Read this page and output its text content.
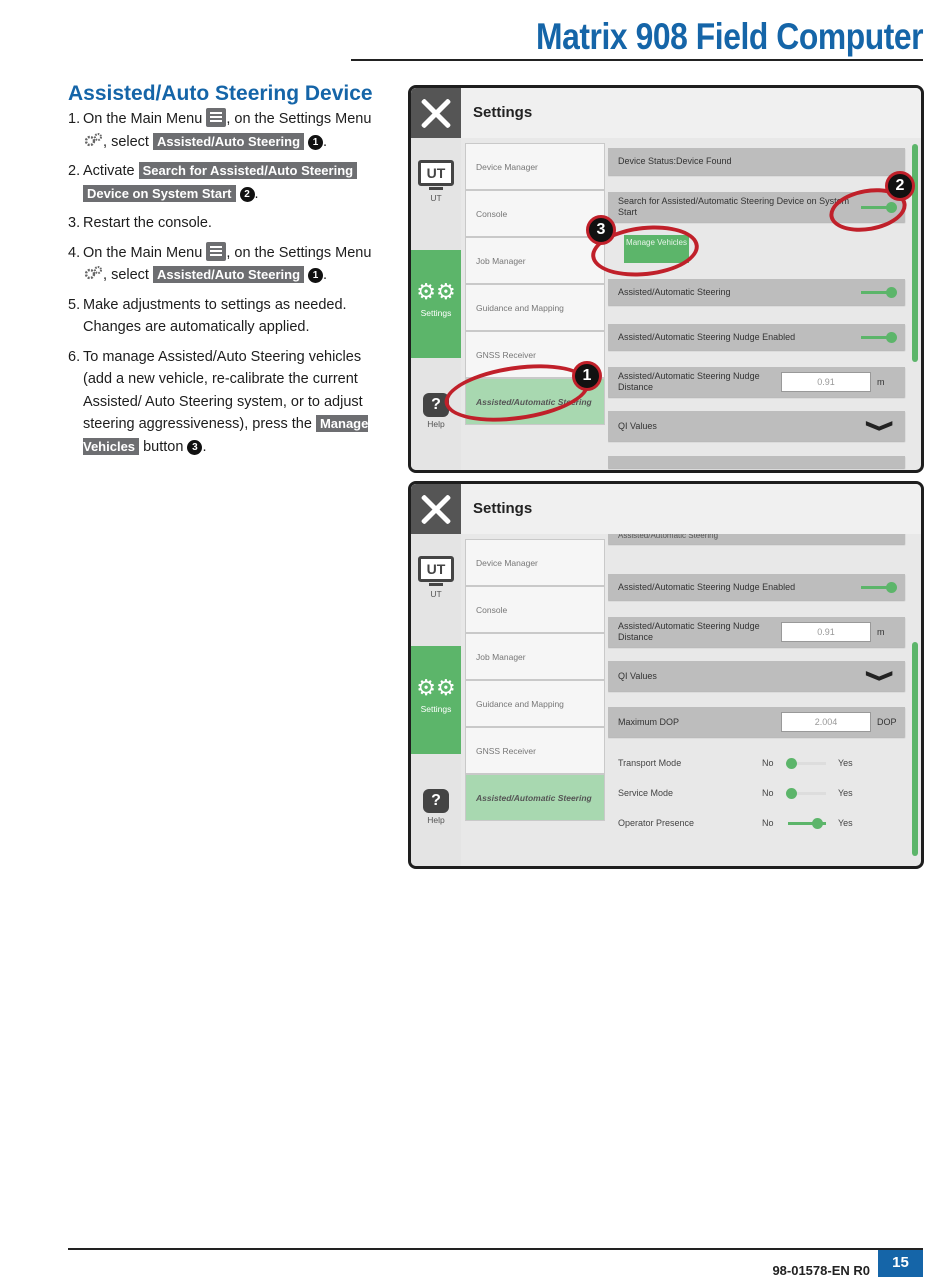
Matrix 908 Field Computer
Assisted/Auto Steering Device
1. On the Main Menu , on the Settings Menu , select Assisted/Auto Steering 1 .
2. Activate Search for Assisted/Auto Steering
Device on System Start 2 .
3. Restart the console.
4. On the Main Menu , on the Settings Menu , select Assisted/Auto Steering 1 .
5. Make adjustments to settings as needed. Changes are automatically applied.
6. To manage Assisted/Auto Steering vehicles (add a new vehicle, re-calibrate the current Assisted/ Auto Steering system, or to adjust steering aggressiveness), press the Manage Vehicles button 3 .
Settings
UT
UT
⚙⚙
Settings
?
Help
Device Manager
Console
Job Manager
Guidance and Mapping
GNSS Receiver
Assisted/Automatic Steering
Device Status:Device Found
Search for Assisted/Automatic Steering Device on System Start
Manage Vehicles
Assisted/Automatic Steering
Assisted/Automatic Steering Nudge Enabled
Assisted/Automatic Steering Nudge Distance	0.91	m
QI Values	❯
1
2
3
Settings
UT
UT
⚙⚙
Settings
?
Help
Device Manager
Console
Job Manager
Guidance and Mapping
GNSS Receiver
Assisted/Automatic Steering
Assisted/Automatic Steering
Assisted/Automatic Steering Nudge Enabled
Assisted/Automatic Steering Nudge Distance	0.91	m
QI Values	❯
Maximum DOP	2.004	DOP
Transport Mode	No	Yes
Service Mode	No	Yes
Operator Presence	No	Yes
98-01578-EN R0	15
